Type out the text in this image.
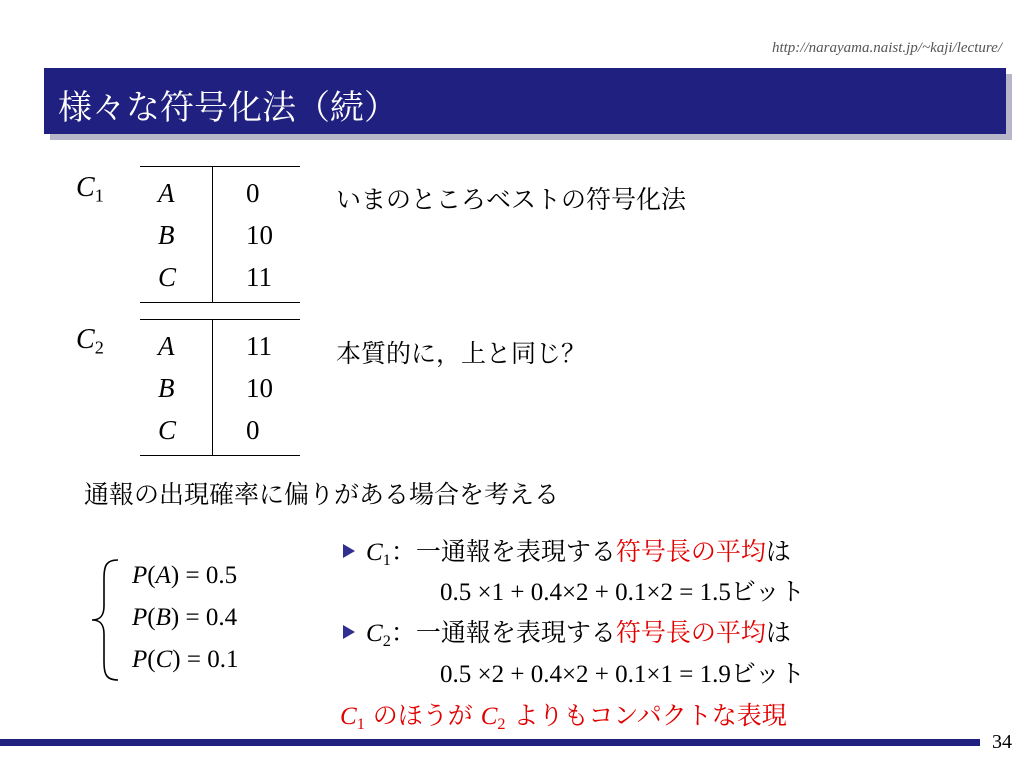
http://narayama.naist.jp/~kaji/lecture/
様々な符号化法（続）
$C_1$ A	0
B	10
C	11
いまのところベストの符号化法
$C_2$ A	11
B	10
C	0
本質的に，上と同じ？
通報の出現確率に偏りがある場合を考える
P(A) = 0.5
P(B) = 0.4
P(C) = 0.1
$C_1$：一通報を表現する符号長の平均は
0.5 ×1 + 0.4×2 + 0.1×2 = 1.5ビット
$C_2$：一通報を表現する符号長の平均は
0.5 ×2 + 0.4×2 + 0.1×1 = 1.9ビット
$C_1$ のほうが $C_2$ よりもコンパクトな表現
34
